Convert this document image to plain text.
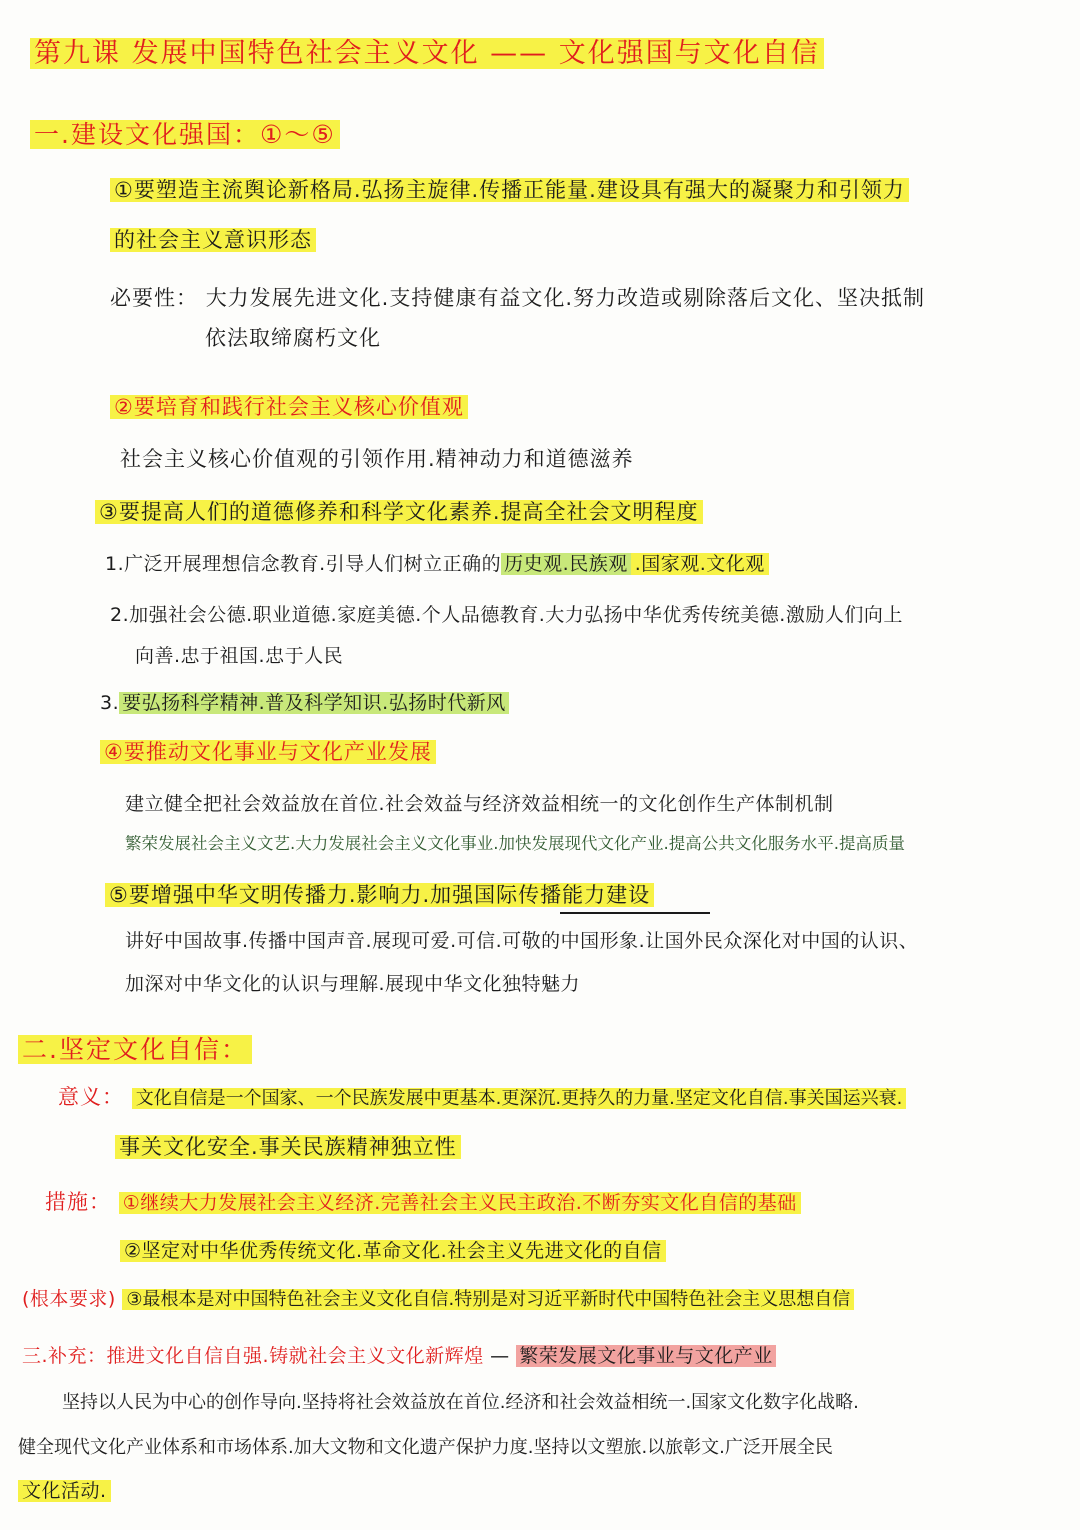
第九课 发展中国特色社会主义文化 —— 文化强国与文化自信
一.建设文化强国：①～⑤
①要塑造主流舆论新格局.弘扬主旋律.传播正能量.建设具有强大的凝聚力和引领力
的社会主义意识形态
必要性： 大力发展先进文化.支持健康有益文化.努力改造或剔除落后文化、坚决抵制
依法取缔腐朽文化
②要培育和践行社会主义核心价值观
社会主义核心价值观的引领作用.精神动力和道德滋养
③要提高人们的道德修养和科学文化素养.提高全社会文明程度
1.广泛开展理想信念教育.引导人们树立正确的 历史观.民族观 .国家观.文化观
2.加强社会公德.职业道德.家庭美德.个人品德教育.大力弘扬中华优秀传统美德.激励人们向上
向善.忠于祖国.忠于人民
3. 要弘扬科学精神.普及科学知识.弘扬时代新风
④要推动文化事业与文化产业发展
建立健全把社会效益放在首位.社会效益与经济效益相统一的文化创作生产体制机制
繁荣发展社会主义文艺.大力发展社会主义文化事业.加快发展现代文化产业.提高公共文化服务水平.提高质量
⑤要增强中华文明传播力.影响力.加强国际传播能力建设
讲好中国故事.传播中国声音.展现可爱.可信.可敬的中国形象.让国外民众深化对中国的认识、
加深对中华文化的认识与理解.展现中华文化独特魅力
二.坚定文化自信：
意义： 文化自信是一个国家、一个民族发展中更基本.更深沉.更持久的力量.坚定文化自信.事关国运兴衰.
事关文化安全.事关民族精神独立性
措施： ①继续大力发展社会主义经济.完善社会主义民主政治.不断夯实文化自信的基础
②坚定对中华优秀传统文化.革命文化.社会主义先进文化的自信
(根本要求) ③最根本是对中国特色社会主义文化自信.特别是对习近平新时代中国特色社会主义思想自信
三.补充：推进文化自信自强.铸就社会主义文化新辉煌 — 繁荣发展文化事业与文化产业
坚持以人民为中心的创作导向.坚持将社会效益放在首位.经济和社会效益相统一.国家文化数字化战略.
健全现代文化产业体系和市场体系.加大文物和文化遗产保护力度.坚持以文塑旅.以旅彰文.广泛开展全民
文化活动.
